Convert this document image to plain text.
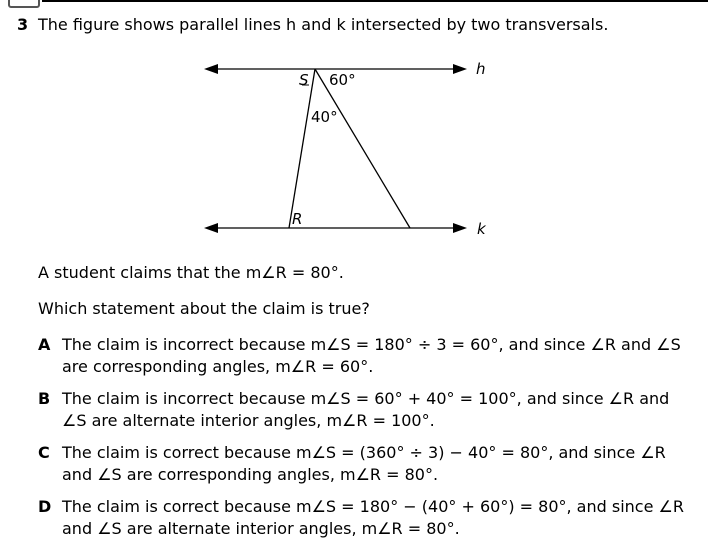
3 The figure shows parallel lines h and k intersected by two transversals.
h
k
S 60°
40°
R
A student claims that the m∠R = 80°.
Which statement about the claim is true?
A The claim is incorrect because m∠S = 180° ÷ 3 = 60°, and since ∠R and ∠S are corresponding angles, m∠R = 60°.
B The claim is incorrect because m∠S = 60° + 40° = 100°, and since ∠R and ∠S are alternate interior angles, m∠R = 100°.
C The claim is correct because m∠S = (360° ÷ 3) − 40° = 80°, and since ∠R and ∠S are corresponding angles, m∠R = 80°.
D The claim is correct because m∠S = 180° − (40° + 60°) = 80°, and since ∠R and ∠S are alternate interior angles, m∠R = 80°.
